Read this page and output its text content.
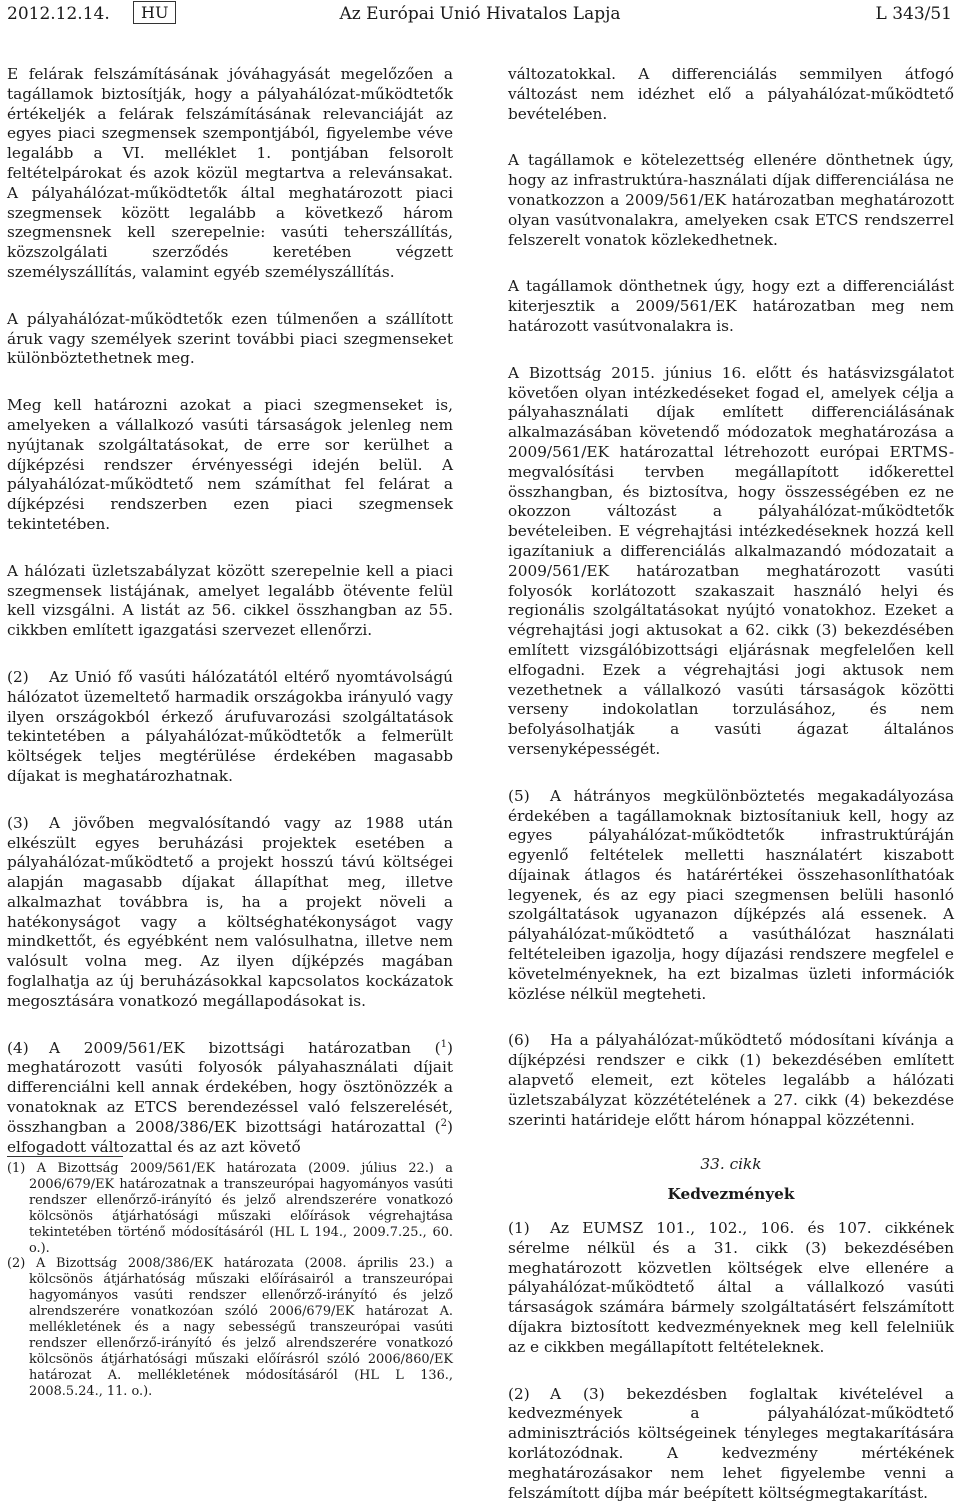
2012.12.14.	HU	Az Európai Unió Hivatalos Lapja	L 343/51

E felárak felszámításának jóváhagyását megelőzően a tagállamok biztosítják, hogy a pályahálózat-működtetők értékeljék a felárak felszámításának relevanciáját az egyes piaci szegmensek szempontjából, figyelembe véve legalább a VI. melléklet 1. pontjában felsorolt feltételpárokat és azok közül megtartva a relevánsakat. A pályahálózat-működtetők által meghatározott piaci szegmensek között legalább a következő három szegmensnek kell szerepelnie: vasúti teherszállítás, közszolgálati szerződés keretében végzett személyszállítás, valamint egyéb személyszállítás.

A pályahálózat-működtetők ezen túlmenően a szállított áruk vagy személyek szerint további piaci szegmenseket különböztethetnek meg.

Meg kell határozni azokat a piaci szegmenseket is, amelyeken a vállalkozó vasúti társaságok jelenleg nem nyújtanak szolgáltatásokat, de erre sor kerülhet a díjképzési rendszer érvényességi idején belül. A pályahálózat-működtető nem számíthat fel felárat a díjképzési rendszerben ezen piaci szegmensek tekintetében.

A hálózati üzletszabályzat között szerepelnie kell a piaci szegmensek listájának, amelyet legalább ötévente felül kell vizsgálni. A listát az 56. cikkel összhangban az 55. cikkben említett igazgatási szervezet ellenőrzi.

(2) Az Unió fő vasúti hálózatától eltérő nyomtávolságú hálózatot üzemeltető harmadik országokba irányuló vagy ilyen országokból érkező árufuvarozási szolgáltatások tekintetében a pályahálózat-működtetők a felmerült költségek teljes megtérülése érdekében magasabb díjakat is meghatározhatnak.

(3) A jövőben megvalósítandó vagy az 1988 után elkészült egyes beruházási projektek esetében a pályahálózat-működtető a projekt hosszú távú költségei alapján magasabb díjakat állapíthat meg, illetve alkalmazhat továbbra is, ha a projekt növeli a hatékonyságot vagy a költséghatékonyságot vagy mindkettőt, és egyébként nem valósulhatna, illetve nem valósult volna meg. Az ilyen díjképzés magában foglalhatja az új beruházásokkal kapcsolatos kockázatok megosztására vonatkozó megállapodásokat is.

(4) A 2009/561/EK bizottsági határozatban ($^1$) meghatározott vasúti folyosók pályahasználati díjait differenciálni kell annak érdekében, hogy ösztönözzék a vonatoknak az ETCS berendezéssel való felszerelését, összhangban a 2008/386/EK bizottsági határozattal ($^2$) elfogadott változattal és az azt követő

(1) A Bizottság 2009/561/EK határozata (2009. július 22.) a 2006/679/EK határozatnak a transzeurópai hagyományos vasúti rendszer ellenőrző-irányító és jelző alrendszerére vonatkozó kölcsönös átjárhatósági műszaki előírások végrehajtása tekintetében történő módosításáról (HL L 194., 2009.7.25., 60. o.).

(2) A Bizottság 2008/386/EK határozata (2008. április 23.) a kölcsönös átjárhatóság műszaki előírásairól a transzeurópai hagyományos vasúti rendszer ellenőrző-irányító és jelző alrendszerére vonatkozóan szóló 2006/679/EK határozat A. mellékletének és a nagy sebességű transzeurópai vasúti rendszer ellenőrző-irányító és jelző alrendszerére vonatkozó kölcsönös átjárhatósági műszaki előírásról szóló 2006/860/EK határozat A. mellékletének módosításáról (HL L 136., 2008.5.24., 11. o.).

változatokkal. A differenciálás semmilyen átfogó változást nem idézhet elő a pályahálózat-működtető bevételében.

A tagállamok e kötelezettség ellenére dönthetnek úgy, hogy az infrastruktúra-használati díjak differenciálása ne vonatkozzon a 2009/561/EK határozatban meghatározott olyan vasútvonalakra, amelyeken csak ETCS rendszerrel felszerelt vonatok közlekedhetnek.

A tagállamok dönthetnek úgy, hogy ezt a differenciálást kiterjesztik a 2009/561/EK határozatban meg nem határozott vasútvonalakra is.

A Bizottság 2015. június 16. előtt és hatásvizsgálatot követően olyan intézkedéseket fogad el, amelyek célja a pályahasználati díjak említett differenciálásának alkalmazásában követendő módozatok meghatározása a 2009/561/EK határozattal létrehozott európai ERTMS-megvalósítási tervben megállapított időkerettel összhangban, és biztosítva, hogy összességében ez ne okozzon változást a pályahálózat-működtetők bevételeiben. E végrehajtási intézkedéseknek hozzá kell igazítaniuk a differenciálás alkalmazandó módozatait a 2009/561/EK határozatban meghatározott vasúti folyosók korlátozott szakaszait használó helyi és regionális szolgáltatásokat nyújtó vonatokhoz. Ezeket a végrehajtási jogi aktusokat a 62. cikk (3) bekezdésében említett vizsgálóbizottsági eljárásnak megfelelően kell elfogadni. Ezek a végrehajtási jogi aktusok nem vezethetnek a vállalkozó vasúti társaságok közötti verseny indokolatlan torzulásához, és nem befolyásolhatják a vasúti ágazat általános versenyképességét.

(5) A hátrányos megkülönböztetés megakadályozása érdekében a tagállamoknak biztosítaniuk kell, hogy az egyes pályahálózat-működtetők infrastruktúráján egyenlő feltételek melletti használatért kiszabott díjainak átlagos és határértékei összehasonlíthatóak legyenek, és az egy piaci szegmensen belüli hasonló szolgáltatások ugyanazon díjképzés alá essenek. A pályahálózat-működtető a vasúthálózat használati feltételeiben igazolja, hogy díjazási rendszere megfelel e követelményeknek, ha ezt bizalmas üzleti információk közlése nélkül megteheti.

(6) Ha a pályahálózat-működtető módosítani kívánja a díjképzési rendszer e cikk (1) bekezdésében említett alapvető elemeit, ezt köteles legalább a hálózati üzletszabályzat közzétételének a 27. cikk (4) bekezdése szerinti határideje előtt három hónappal közzétenni.

33. cikk
Kedvezmények

(1) Az EUMSZ 101., 102., 106. és 107. cikkének sérelme nélkül és a 31. cikk (3) bekezdésében meghatározott közvetlen költségek elve ellenére a pályahálózat-működtető által a vállalkozó vasúti társaságok számára bármely szolgáltatásért felszámított díjakra biztosított kedvezményeknek meg kell felelniük az e cikkben megállapított feltételeknek.

(2) A (3) bekezdésben foglaltak kivételével a kedvezmények a pályahálózat-működtető adminisztrációs költségeinek tényleges megtakarítására korlátozódnak. A kedvezmény mértékének meghatározásakor nem lehet figyelembe venni a felszámított díjba már beépített költségmegtakarítást.
